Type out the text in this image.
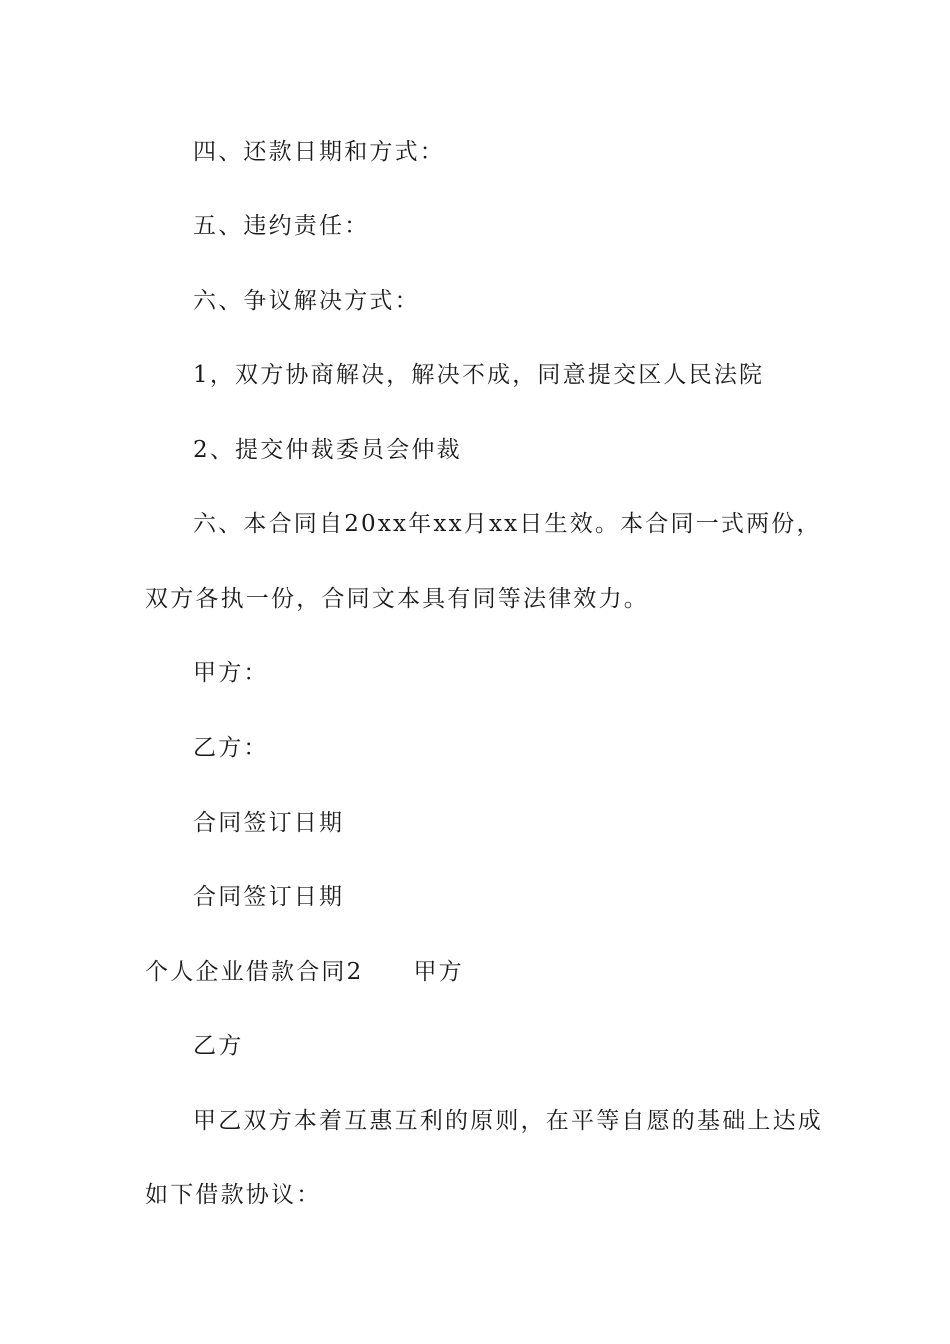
四、还款日期和方式：
五、违约责任：
六、争议解决方式：
1，双方协商解决，解决不成，同意提交区人民法院
2、提交仲裁委员会仲裁
六、本合同自20xx年xx月xx日生效。本合同一式两份，
双方各执一份，合同文本具有同等法律效力。
甲方：
乙方：
合同签订日期
合同签订日期
个人企业借款合同2 甲方
乙方
甲乙双方本着互惠互利的原则，在平等自愿的基础上达成
如下借款协议：
